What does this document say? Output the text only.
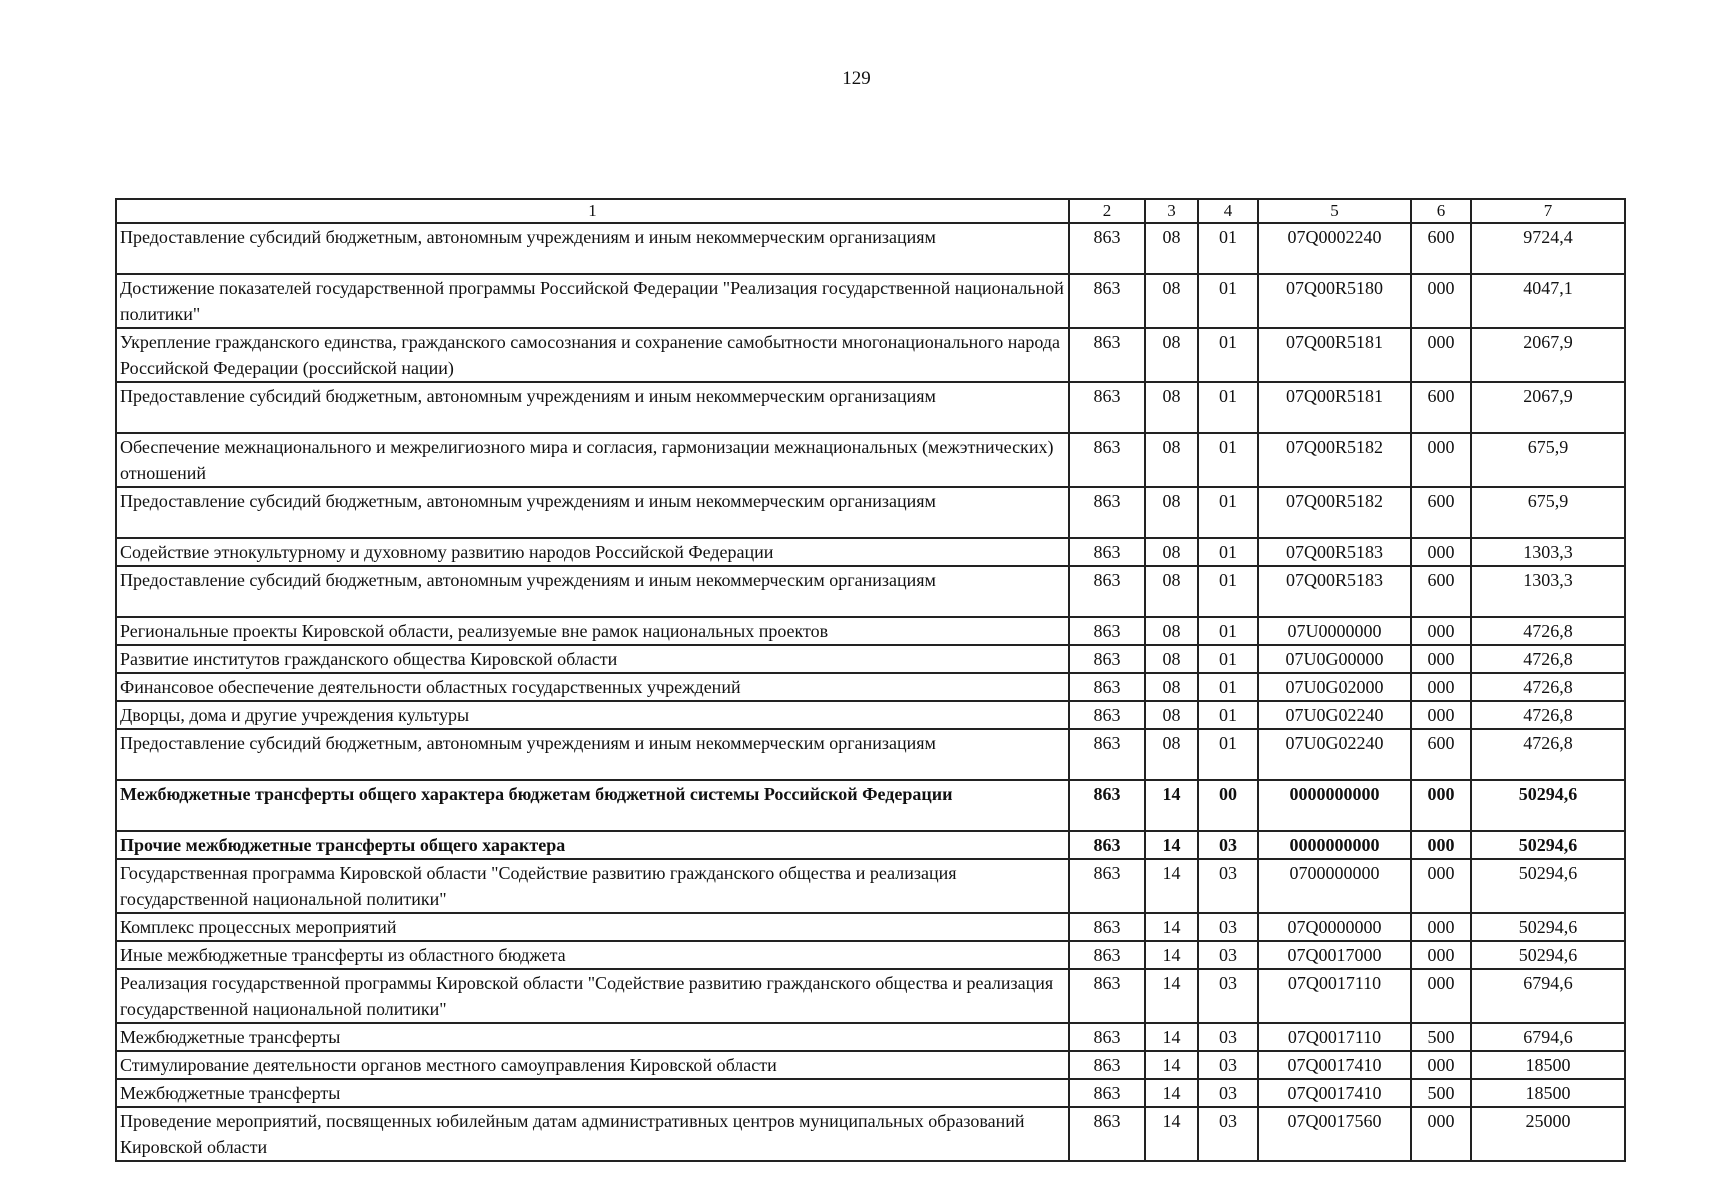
129
1	2	3	4	5	6	7
Предоставление субсидий бюджетным, автономным учреждениям и иным некоммерческим организациям	863	08	01	07Q0002240	600	9724,4
Достижение показателей государственной программы Российской Федерации "Реализация государственной национальной политики"	863	08	01	07Q00R5180	000	4047,1
Укрепление гражданского единства, гражданского самосознания и сохранение самобытности многонационального народа Российской Федерации (российской нации)	863	08	01	07Q00R5181	000	2067,9
Предоставление субсидий бюджетным, автономным учреждениям и иным некоммерческим организациям	863	08	01	07Q00R5181	600	2067,9
Обеспечение межнационального и межрелигиозного мира и согласия, гармонизации межнациональных (межэтнических) отношений	863	08	01	07Q00R5182	000	675,9
Предоставление субсидий бюджетным, автономным учреждениям и иным некоммерческим организациям	863	08	01	07Q00R5182	600	675,9
Содействие этнокультурному и духовному развитию народов Российской Федерации	863	08	01	07Q00R5183	000	1303,3
Предоставление субсидий бюджетным, автономным учреждениям и иным некоммерческим организациям	863	08	01	07Q00R5183	600	1303,3
Региональные проекты Кировской области, реализуемые вне рамок национальных проектов	863	08	01	07U0000000	000	4726,8
Развитие институтов гражданского общества Кировской области	863	08	01	07U0G00000	000	4726,8
Финансовое обеспечение деятельности областных государственных учреждений	863	08	01	07U0G02000	000	4726,8
Дворцы, дома и другие учреждения культуры	863	08	01	07U0G02240	000	4726,8
Предоставление субсидий бюджетным, автономным учреждениям и иным некоммерческим организациям	863	08	01	07U0G02240	600	4726,8
Межбюджетные трансферты общего характера бюджетам бюджетной системы Российской Федерации	863	14	00	0000000000	000	50294,6
Прочие межбюджетные трансферты общего характера	863	14	03	0000000000	000	50294,6
Государственная программа Кировской области "Содействие развитию гражданского общества и реализация государственной национальной политики"	863	14	03	0700000000	000	50294,6
Комплекс процессных мероприятий	863	14	03	07Q0000000	000	50294,6
Иные межбюджетные трансферты из областного бюджета	863	14	03	07Q0017000	000	50294,6
Реализация государственной программы Кировской области "Содействие развитию гражданского общества и реализация государственной национальной политики"	863	14	03	07Q0017110	000	6794,6
Межбюджетные трансферты	863	14	03	07Q0017110	500	6794,6
Стимулирование деятельности органов местного самоуправления Кировской области	863	14	03	07Q0017410	000	18500
Межбюджетные трансферты	863	14	03	07Q0017410	500	18500
Проведение мероприятий, посвященных юбилейным датам административных центров муниципальных образований Кировской области	863	14	03	07Q0017560	000	25000
